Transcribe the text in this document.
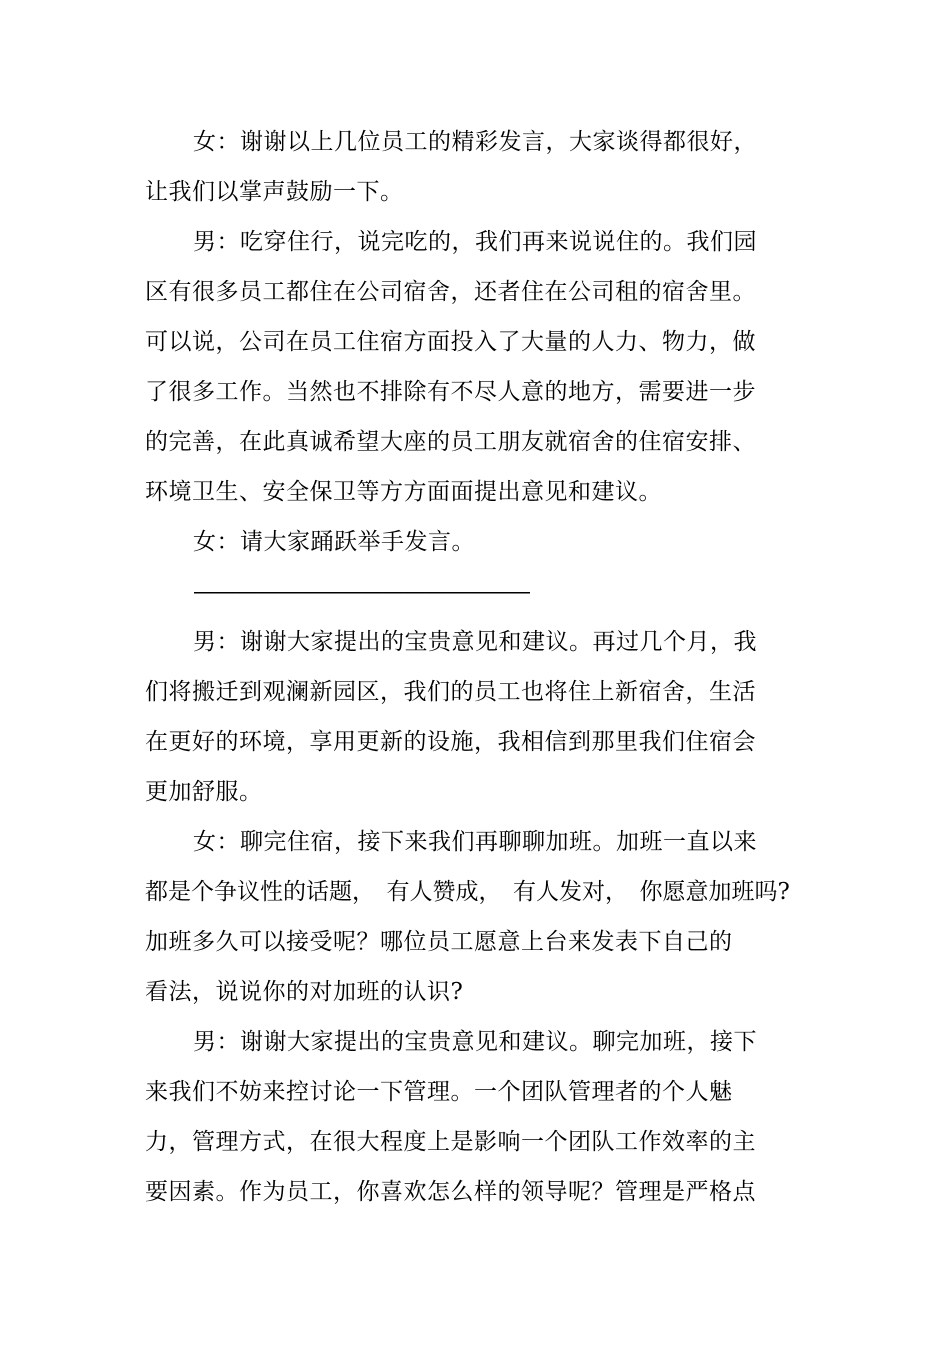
女：谢谢以上几位员工的精彩发言，大家谈得都很好，
让我们以掌声鼓励一下。
男：吃穿住行，说完吃的，我们再来说说住的。我们园
区有很多员工都住在公司宿舍，还者住在公司租的宿舍里。
可以说，公司在员工住宿方面投入了大量的人力、物力，做
了很多工作。当然也不排除有不尽人意的地方，需要进一步
的完善，在此真诚希望大座的员工朋友就宿舍的住宿安排、
环境卫生、安全保卫等方方面面提出意见和建议。
女：请大家踊跃举手发言。
————————————————
男：谢谢大家提出的宝贵意见和建议。再过几个月，我
们将搬迁到观澜新园区，我们的员工也将住上新宿舍，生活
在更好的环境，享用更新的设施，我相信到那里我们住宿会
更加舒服。
女：聊完住宿，接下来我们再聊聊加班。加班一直以来
都是个争议性的话题，　有人赞成，　有人发对，　你愿意加班吗?
加班多久可以接受呢？哪位员工愿意上台来发表下自己的
看法，说说你的对加班的认识?
男：谢谢大家提出的宝贵意见和建议。聊完加班，接下
来我们不妨来控讨论一下管理。一个团队管理者的个人魅
力，管理方式，在很大程度上是影响一个团队工作效率的主
要因素。作为员工，你喜欢怎么样的领导呢？管理是严格点
